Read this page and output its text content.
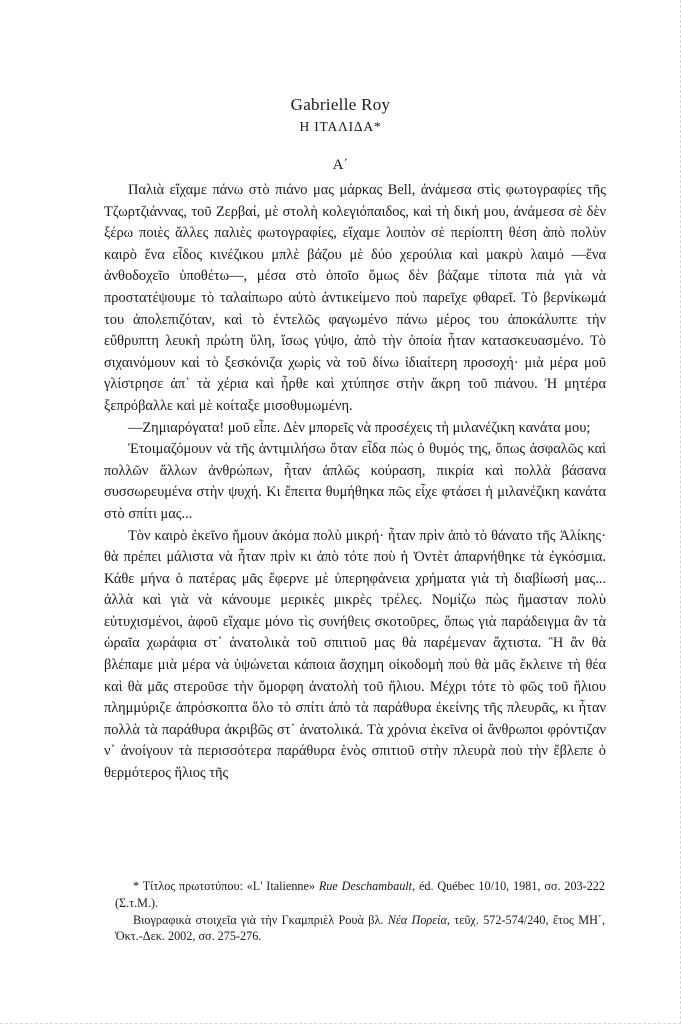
Gabrielle Roy
Η ΙΤΑΛΙΔΑ*
Α΄

Παλιὰ εἴχαμε πάνω στὸ πιάνο μας μάρκας Bell, ἀνάμεσα στὶς φωτογραφίες τῆς Τζωρτζιάννας, τοῦ Ζερβαί, μὲ στολὴ κολεγιόπαιδος, καὶ τὴ δική μου, ἀνάμεσα σὲ δὲν ξέρω ποιὲς ἄλλες παλιὲς φωτογραφίες, εἴχαμε λοιπὸν σὲ περίοπτη θέση ἀπὸ πολὺν καιρὸ ἕνα εἶδος κινέζικου μπλὲ βάζου μὲ δύο χερούλια καὶ μακρὺ λαιμό —ἕνα ἀνθοδοχεῖο ὑποθέτω—, μέσα στὸ ὁποῖο ὅμως δὲν βάζαμε τίποτα πιὰ γιὰ νὰ προστατέψουμε τὸ ταλαίπωρο αὐτὸ ἀντικείμενο ποὺ παρεῖχε φθαρεῖ. Τὸ βερνίκωμά του ἀπολεπιζόταν, καὶ τὸ ἐντελῶς φαγωμένο πάνω μέρος του ἀποκάλυπτε τὴν εὔθρυπτη λευκὴ πρώτη ὕλη, ἴσως γύψο, ἀπὸ τὴν ὁποία ἦταν κατασκευασμένο. Τὸ σιχαινόμουν καὶ τὸ ξεσκόνιζα χωρὶς νὰ τοῦ δίνω ἰδιαίτερη προσοχή· μιὰ μέρα μοῦ γλίστρησε ἀπ᾿ τὰ χέρια καὶ ἦρθε καὶ χτύπησε στὴν ἄκρη τοῦ πιάνου. Ἡ μητέρα ξεπρόβαλλε καὶ μὲ κοίταξε μισοθυμωμένη.

—Ζημιαρόγατα! μοῦ εἶπε. Δὲν μπορεῖς νὰ προσέχεις τὴ μιλανέζικη κανάτα μου;

Ἑτοιμαζόμουν νὰ τῆς ἀντιμιλήσω ὅταν εἶδα πὼς ὁ θυμός της, ὅπως ἀσφαλῶς καὶ πολλῶν ἄλλων ἀνθρώπων, ἦταν ἁπλῶς κούραση, πικρία καὶ πολλὰ βάσανα συσσωρευμένα στὴν ψυχή. Κι ἔπειτα θυμήθηκα πῶς εἶχε φτάσει ἡ μιλανέζικη κανάτα στὸ σπίτι μας...

Τὸν καιρὸ ἐκεῖνο ἤμουν ἀκόμα πολὺ μικρή· ἦταν πρὶν ἀπὸ τὸ θάνατο τῆς Ἀλίκης· θὰ πρέπει μάλιστα νὰ ἦταν πρὶν κι ἀπὸ τότε ποὺ ἡ Ὀντὲτ ἀπαρνήθηκε τὰ ἐγκόσμια. Κάθε μήνα ὁ πατέρας μᾶς ἔφερνε μὲ ὑπερηφάνεια χρήματα γιὰ τὴ διαβίωσή μας... ἀλλὰ καὶ γιὰ νὰ κάνουμε μερικὲς μικρὲς τρέλες. Νομίζω πὼς ἤμασταν πολὺ εὐτυχισμένοι, ἀφοῦ εἴχαμε μόνο τὶς συνήθεις σκοτοῦρες, ὅπως γιὰ παράδειγμα ἂν τὰ ὡραῖα χωράφια στ᾿ ἀνατολικὰ τοῦ σπιτιοῦ μας θὰ παρέμεναν ἄχτιστα. Ἢ ἂν θὰ βλέπαμε μιὰ μέρα νὰ ὑψώνεται κάποια ἄσχημη οἰκοδομὴ ποὺ θὰ μᾶς ἔκλεινε τὴ θέα καὶ θὰ μᾶς στεροῦσε τὴν ὄμορφη ἀνατολὴ τοῦ ἥλιου. Μέχρι τότε τὸ φῶς τοῦ ἥλιου πλημμύριζε ἀπρόσκοπτα ὅλο τὸ σπίτι ἀπὸ τὰ παράθυρα ἐκείνης τῆς πλευρᾶς, κι ἦταν πολλὰ τὰ παράθυρα ἀκριβῶς στ᾿ ἀνατολικά. Τὰ χρόνια ἐκεῖνα οἱ ἄνθρωποι φρόντιζαν ν᾿ ἀνοίγουν τὰ περισσότερα παράθυρα ἑνὸς σπιτιοῦ στὴν πλευρὰ ποὺ τὴν ἔβλεπε ὁ θερμότερος ἥλιος τῆς

* Τίτλος πρωτοτύπου: «L' Italienne» Rue Deschambault, éd. Québec 10/10, 1981, σσ. 203-222 (Σ.τ.Μ.).

Βιογραφικὰ στοιχεῖα γιὰ τὴν Γκαμπριὲλ Ρουὰ βλ. Νέα Πορεία, τεῦχ. 572-574/240, ἔτος ΜΗ΄, Ὀκτ.-Δεκ. 2002, σσ. 275-276.
